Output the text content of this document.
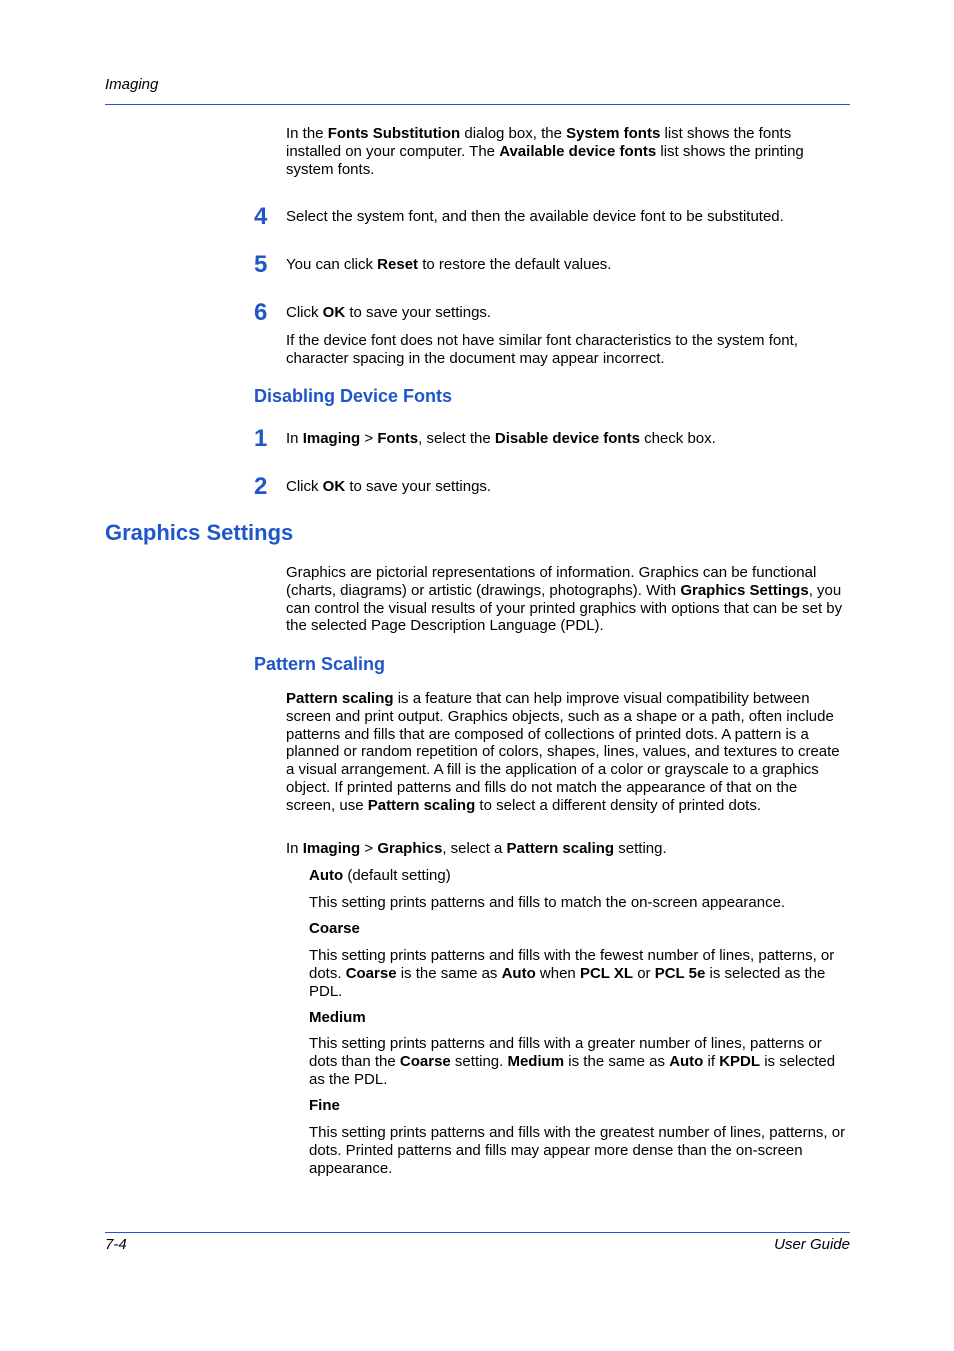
Imaging
In the Fonts Substitution dialog box, the System fonts list shows the fonts installed on your computer. The Available device fonts list shows the printing system fonts.
4 Select the system font, and then the available device font to be substituted.
5 You can click Reset to restore the default values.
6 Click OK to save your settings.
If the device font does not have similar font characteristics to the system font, character spacing in the document may appear incorrect.
Disabling Device Fonts
1 In Imaging > Fonts, select the Disable device fonts check box.
2 Click OK to save your settings.
Graphics Settings
Graphics are pictorial representations of information. Graphics can be functional (charts, diagrams) or artistic (drawings, photographs). With Graphics Settings, you can control the visual results of your printed graphics with options that can be set by the selected Page Description Language (PDL).
Pattern Scaling
Pattern scaling is a feature that can help improve visual compatibility between screen and print output. Graphics objects, such as a shape or a path, often include patterns and fills that are composed of collections of printed dots. A pattern is a planned or random repetition of colors, shapes, lines, values, and textures to create a visual arrangement. A fill is the application of a color or grayscale to a graphics object. If printed patterns and fills do not match the appearance of that on the screen, use Pattern scaling to select a different density of printed dots.
In Imaging > Graphics, select a Pattern scaling setting.
Auto (default setting)
This setting prints patterns and fills to match the on-screen appearance.
Coarse
This setting prints patterns and fills with the fewest number of lines, patterns, or dots. Coarse is the same as Auto when PCL XL or PCL 5e is selected as the PDL.
Medium
This setting prints patterns and fills with a greater number of lines, patterns or dots than the Coarse setting. Medium is the same as Auto if KPDL is selected as the PDL.
Fine
This setting prints patterns and fills with the greatest number of lines, patterns, or dots. Printed patterns and fills may appear more dense than the on-screen appearance.
7-4	User Guide
